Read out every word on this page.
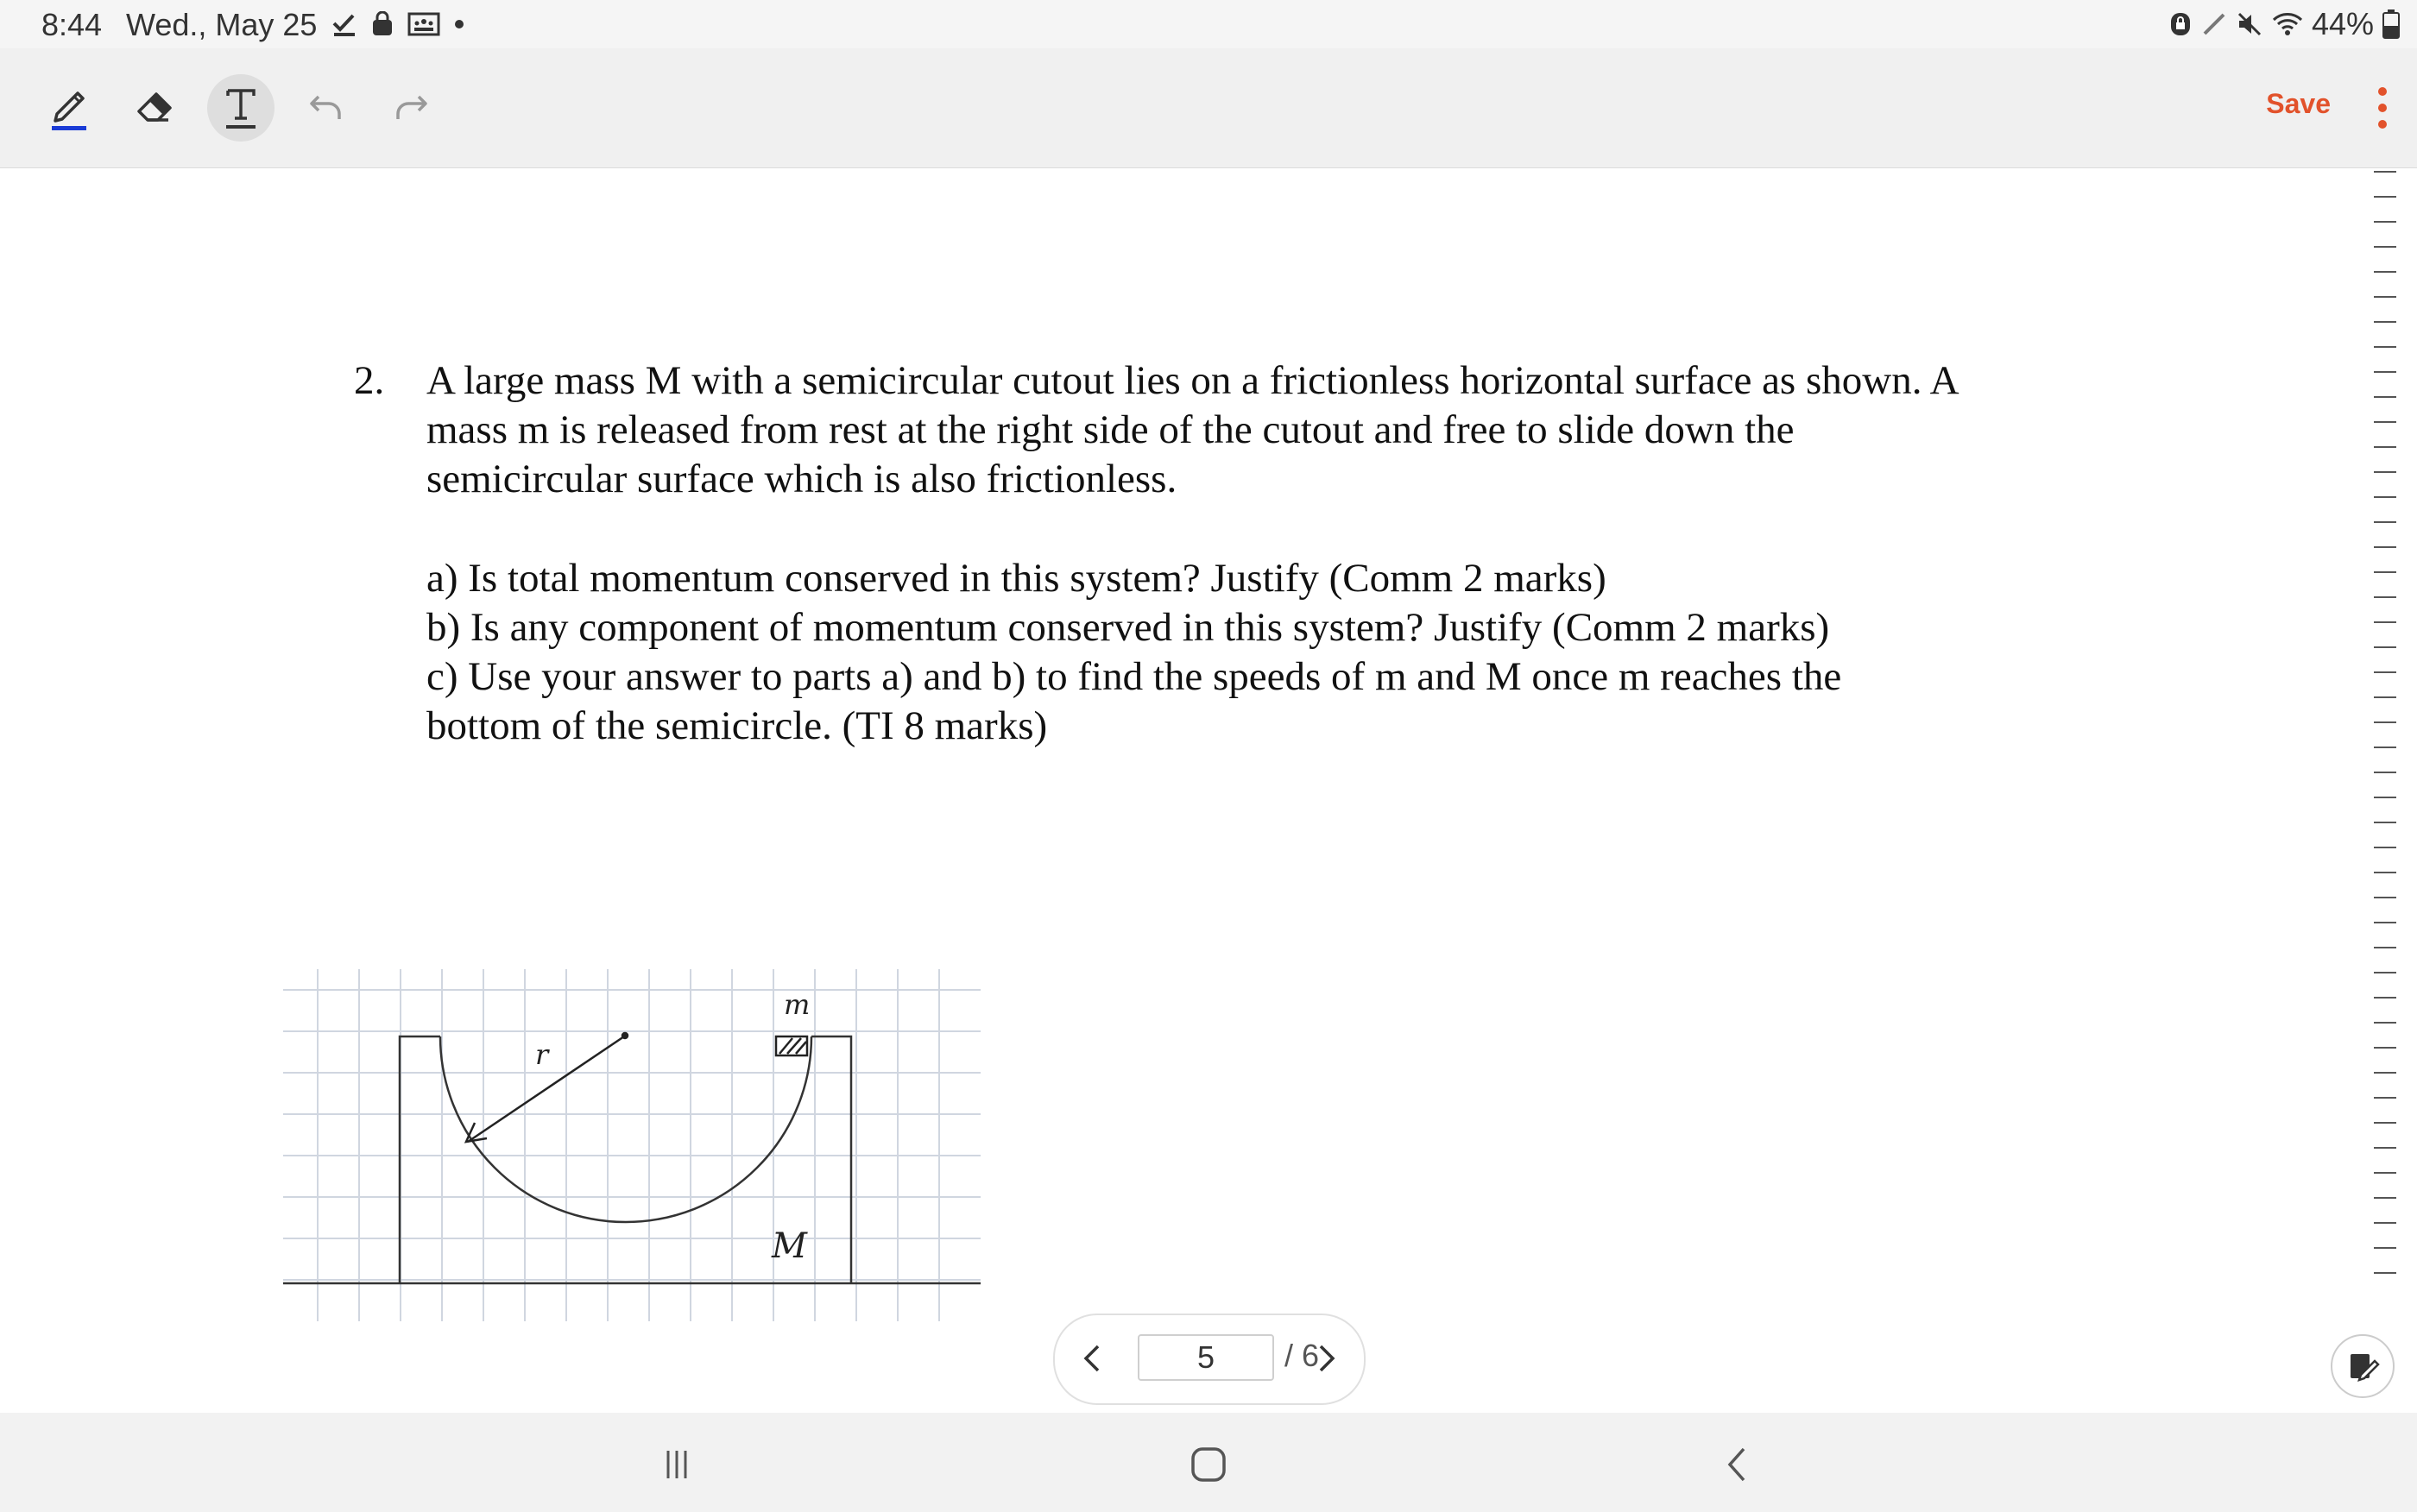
8:44 Wed., May 25	44%
Save
2. A large mass M with a semicircular cutout lies on a frictionless horizontal surface as shown. A
mass m is released from rest at the right side of the cutout and free to slide down the
semicircular surface which is also frictionless.
a) Is total momentum conserved in this system? Justify (Comm 2 marks)
b) Is any component of momentum conserved in this system? Justify (Comm 2 marks)
c) Use your answer to parts a) and b) to find the speeds of m and M once m reaches the
bottom of the semicircle. (TI 8 marks)
r
m
M
5	/ 6
